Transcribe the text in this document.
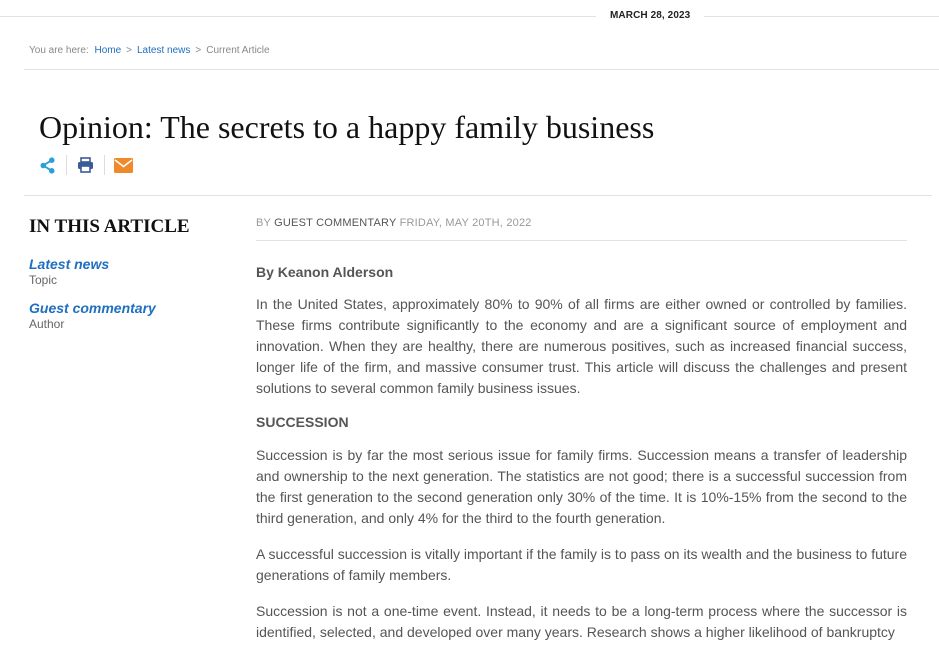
MARCH 28, 2023
You are here: Home > Latest news > Current Article
Opinion: The secrets to a happy family business
IN THIS ARTICLE
Latest news
Topic
Guest commentary
Author
BY GUEST COMMENTARY FRIDAY, MAY 20TH, 2022
By Keanon Alderson

In the United States, approximately 80% to 90% of all firms are either owned or controlled by families. These firms contribute significantly to the economy and are a significant source of employment and innovation. When they are healthy, there are numerous positives, such as increased financial success, longer life of the firm, and massive consumer trust. This article will discuss the challenges and present solutions to several common family business issues.

SUCCESSION

Succession is by far the most serious issue for family firms. Succession means a transfer of leadership and ownership to the next generation. The statistics are not good; there is a successful succession from the first generation to the second generation only 30% of the time. It is 10%-15% from the second to the third generation, and only 4% for the third to the fourth generation.

A successful succession is vitally important if the family is to pass on its wealth and the business to future generations of family members.

Succession is not a one-time event. Instead, it needs to be a long-term process where the successor is identified, selected, and developed over many years. Research shows a higher likelihood of bankruptcy
